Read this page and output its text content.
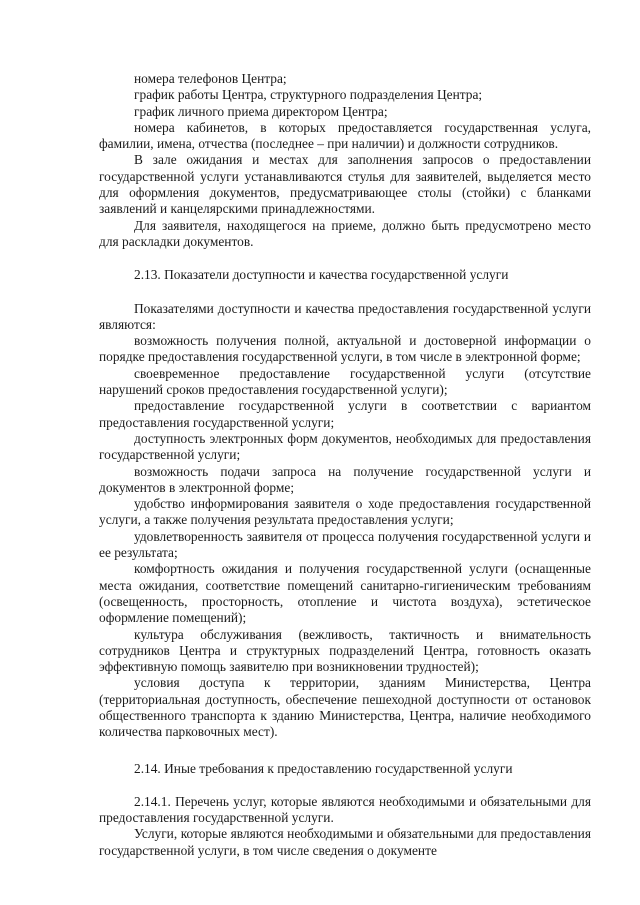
номера телефонов Центра;

график работы Центра, структурного подразделения Центра;

график личного приема директором Центра;

номера кабинетов, в которых предоставляется государственная услуга, фамилии, имена, отчества (последнее – при наличии) и должности сотрудников.

В зале ожидания и местах для заполнения запросов о предоставлении государственной услуги устанавливаются стулья для заявителей, выделяется место для оформления документов, предусматривающее столы (стойки) с бланками заявлений и канцелярскими принадлежностями.

Для заявителя, находящегося на приеме, должно быть предусмотрено место для раскладки документов.

2.13. Показатели доступности и качества государственной услуги

Показателями доступности и качества предоставления государственной услуги являются:

возможность получения полной, актуальной и достоверной информации о порядке предоставления государственной услуги, в том числе в электронной форме;

своевременное предоставление государственной услуги (отсутствие нарушений сроков предоставления государственной услуги);

предоставление государственной услуги в соответствии с вариантом предоставления государственной услуги;

доступность электронных форм документов, необходимых для предоставления государственной услуги;

возможность подачи запроса на получение государственной услуги и документов в электронной форме;

удобство информирования заявителя о ходе предоставления государственной услуги, а также получения результата предоставления услуги;

удовлетворенность заявителя от процесса получения государственной услуги и ее результата;

комфортность ожидания и получения государственной услуги (оснащенные места ожидания, соответствие помещений санитарно-гигиеническим требованиям (освещенность, просторность, отопление и чистота воздуха), эстетическое оформление помещений);

культура обслуживания (вежливость, тактичность и внимательность сотрудников Центра и структурных подразделений Центра, готовность оказать эффективную помощь заявителю при возникновении трудностей);

условия доступа к территории, зданиям Министерства, Центра (территориальная доступность, обеспечение пешеходной доступности от остановок общественного транспорта к зданию Министерства, Центра, наличие необходимого количества парковочных мест).

2.14. Иные требования к предоставлению государственной услуги

2.14.1. Перечень услуг, которые являются необходимыми и обязательными для предоставления государственной услуги.

Услуги, которые являются необходимыми и обязательными для предоставления государственной услуги, в том числе сведения о документе
